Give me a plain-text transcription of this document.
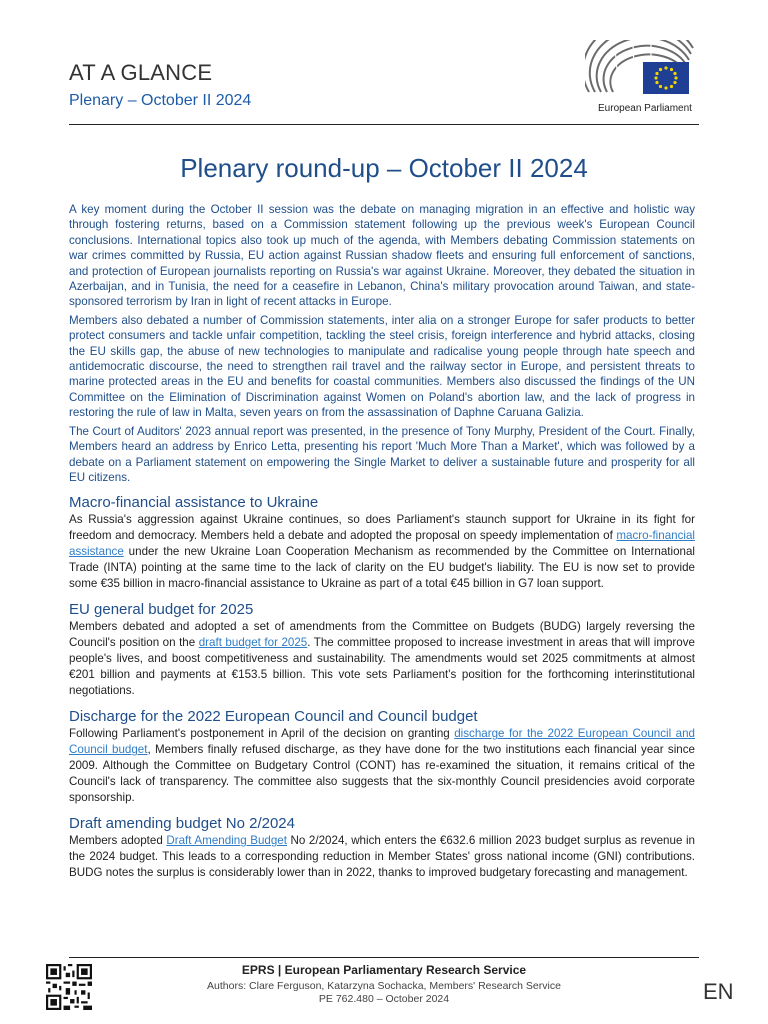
AT A GLANCE
Plenary – October II 2024	European Parliament
Plenary round-up – October II 2024

A key moment during the October II session was the debate on managing migration in an effective and holistic way through fostering returns, based on a Commission statement following up the previous week's European Council conclusions. International topics also took up much of the agenda, with Members debating Commission statements on war crimes committed by Russia, EU action against Russian shadow fleets and ensuring full enforcement of sanctions, and protection of European journalists reporting on Russia's war against Ukraine. Moreover, they debated the situation in Azerbaijan, and in Tunisia, the need for a ceasefire in Lebanon, China's military provocation around Taiwan, and state-sponsored terrorism by Iran in light of recent attacks in Europe.

Members also debated a number of Commission statements, inter alia on a stronger Europe for safer products to better protect consumers and tackle unfair competition, tackling the steel crisis, foreign interference and hybrid attacks, closing the EU skills gap, the abuse of new technologies to manipulate and radicalise young people through hate speech and antidemocratic discourse, the need to strengthen rail travel and the railway sector in Europe, and persistent threats to marine protected areas in the EU and benefits for coastal communities. Members also discussed the findings of the UN Committee on the Elimination of Discrimination against Women on Poland's abortion law, and the lack of progress in restoring the rule of law in Malta, seven years on from the assassination of Daphne Caruana Galizia.

The Court of Auditors' 2023 annual report was presented, in the presence of Tony Murphy, President of the Court. Finally, Members heard an address by Enrico Letta, presenting his report 'Much More Than a Market', which was followed by a debate on a Parliament statement on empowering the Single Market to deliver a sustainable future and prosperity for all EU citizens.

Macro-financial assistance to Ukraine

As Russia's aggression against Ukraine continues, so does Parliament's staunch support for Ukraine in its fight for freedom and democracy. Members held a debate and adopted the proposal on speedy implementation of macro-financial assistance under the new Ukraine Loan Cooperation Mechanism as recommended by the Committee on International Trade (INTA) pointing at the same time to the lack of clarity on the EU budget's liability. The EU is now set to provide some €35 billion in macro-financial assistance to Ukraine as part of a total €45 billion in G7 loan support.

EU general budget for 2025

Members debated and adopted a set of amendments from the Committee on Budgets (BUDG) largely reversing the Council's position on the draft budget for 2025. The committee proposed to increase investment in areas that will improve people's lives, and boost competitiveness and sustainability. The amendments would set 2025 commitments at almost €201 billion and payments at €153.5 billion. This vote sets Parliament's position for the forthcoming interinstitutional negotiations.

Discharge for the 2022 European Council and Council budget

Following Parliament's postponement in April of the decision on granting discharge for the 2022 European Council and Council budget, Members finally refused discharge, as they have done for the two institutions each financial year since 2009. Although the Committee on Budgetary Control (CONT) has re-examined the situation, it remains critical of the Council's lack of transparency. The committee also suggests that the six-monthly Council presidencies avoid corporate sponsorship.

Draft amending budget No 2/2024

Members adopted Draft Amending Budget No 2/2024, which enters the €632.6 million 2023 budget surplus as revenue in the 2024 budget. This leads to a corresponding reduction in Member States' gross national income (GNI) contributions. BUDG notes the surplus is considerably lower than in 2022, thanks to improved budgetary forecasting and management.

EPRS | European Parliamentary Research Service
Authors: Clare Ferguson, Katarzyna Sochacka, Members' Research Service
PE 762.480 – October 2024	EN
